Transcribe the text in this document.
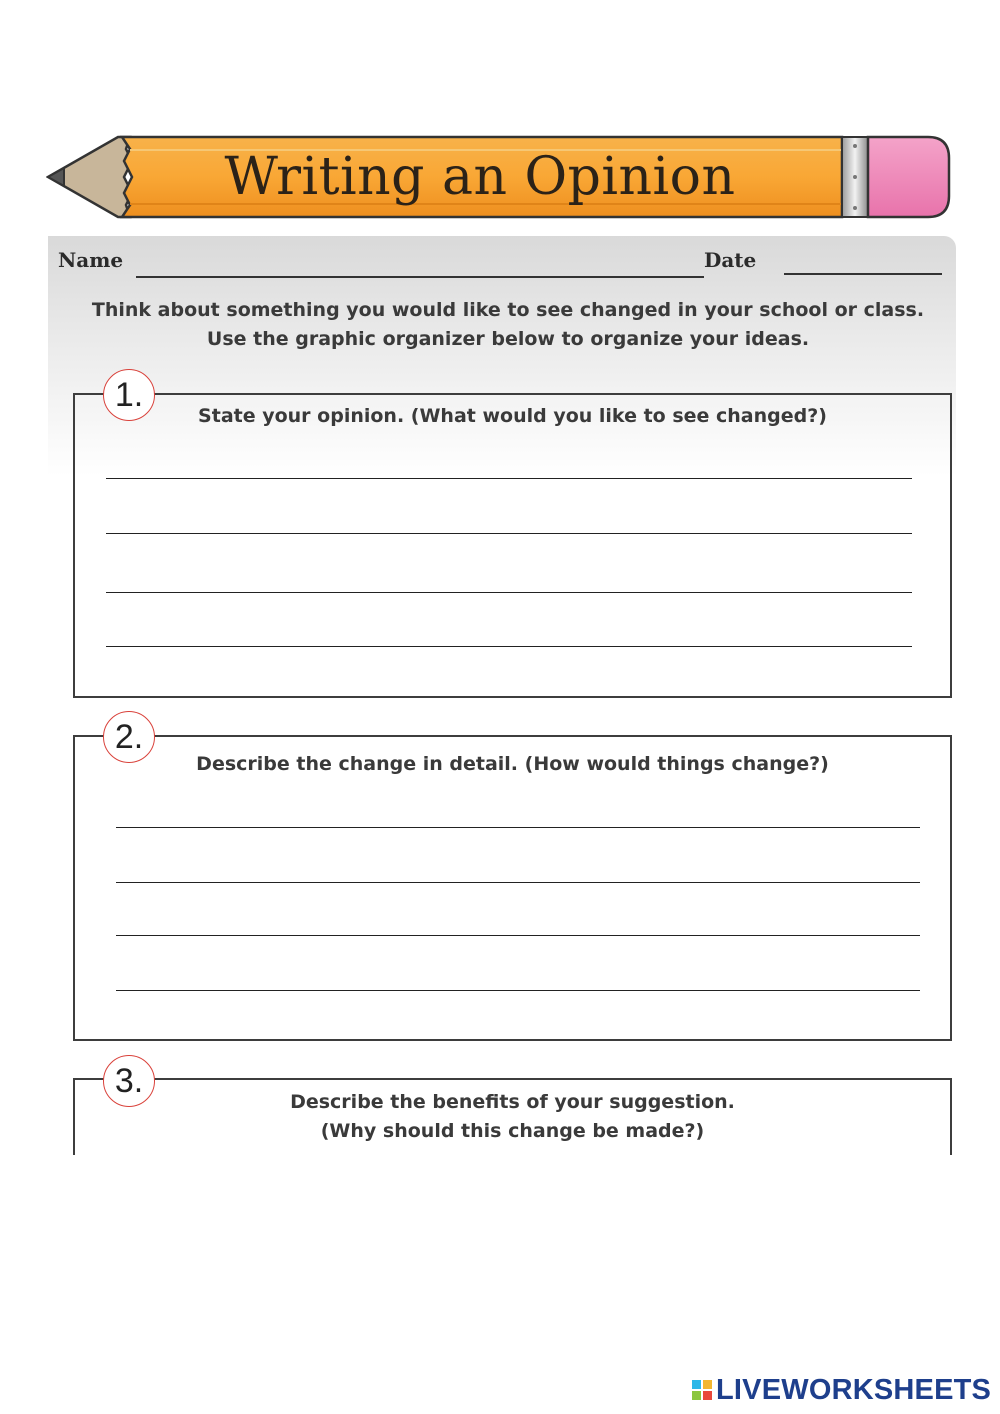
Writing an Opinion
Name	Date
Think about something you would like to see changed in your school or class.
Use the graphic organizer below to organize your ideas.
1.
State your opinion. (What would you like to see changed?)
2.
Describe the change in detail. (How would things change?)
3.
Describe the benefits of your suggestion.
(Why should this change be made?)
LIVEWORKSHEETS
